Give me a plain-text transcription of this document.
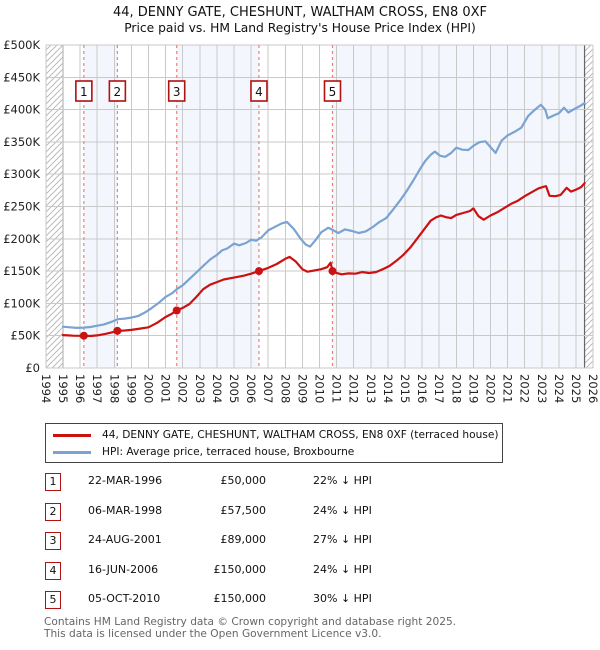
44, DENNY GATE, CHESHUNT, WALTHAM CROSS, EN8 0XF
Price paid vs. HM Land Registry's House Price Index (HPI)
1 2	3	4	5
£0
£50K
£100K
£150K
£200K
£250K
£300K
£350K
£400K
£450K
£500K
1994 1995 1996 1997 1998 1999 2000 2001 2002 2003 2004 2005 2006 2007 2008 2009 2010 2011 2012 2013 2014 2015 2016 2017 2018 2019 2020 2021 2022 2023 2024 2025 2026
44, DENNY GATE, CHESHUNT, WALTHAM CROSS, EN8 0XF (terraced house)
HPI: Average price, terraced house, Broxbourne
1	22-MAR-1996	£50,000	22% ↓ HPI
2	06-MAR-1998	£57,500	24% ↓ HPI
3	24-AUG-2001	£89,000	27% ↓ HPI
4	16-JUN-2006	£150,000	24% ↓ HPI
5	05-OCT-2010	£150,000	30% ↓ HPI
Contains HM Land Registry data © Crown copyright and database right 2025.
This data is licensed under the Open Government Licence v3.0.
